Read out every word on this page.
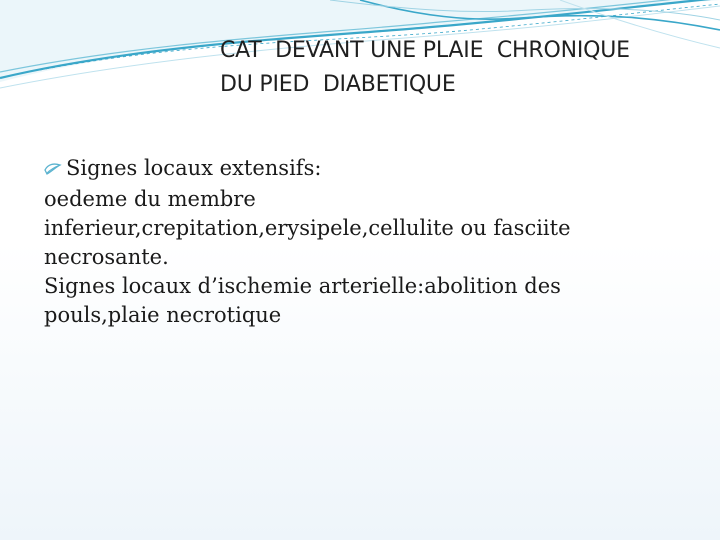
CAT  DEVANT UNE PLAIE  CHRONIQUE
DU PIED  DIABETIQUE
Signes locaux extensifs:
oedeme du membre
inferieur,crepitation,erysipele,cellulite ou fasciite
necrosante.
Signes locaux d’ischemie arterielle:abolition des
pouls,plaie necrotique
